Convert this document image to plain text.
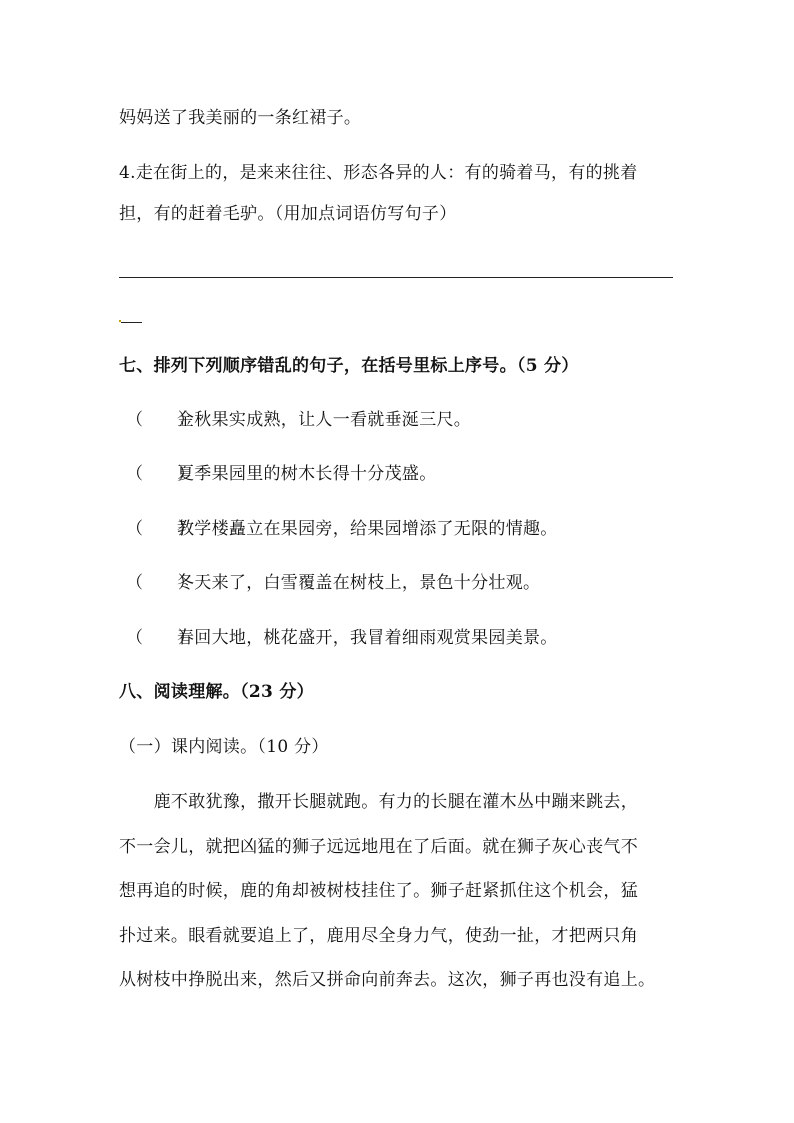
妈妈送了我美丽的一条红裙子。
4.走在街上的，是来来往往、形态各异的人：有的骑着马，有的挑着
担，有的赶着毛驴。（用加点词语仿写句子）
七、排列下列顺序错乱的句子，在括号里标上序号。（5 分）
（　　）
金秋果实成熟，让人一看就垂涎三尺。
（　　）
夏季果园里的树木长得十分茂盛。
（　　）
教学楼矗立在果园旁，给果园增添了无限的情趣。
（　　）
冬天来了，白雪覆盖在树枝上，景色十分壮观。
（　　）
春回大地，桃花盛开，我冒着细雨观赏果园美景。
八、阅读理解。（23 分）
（一）课内阅读。（10 分）
　　鹿不敢犹豫，撒开长腿就跑。有力的长腿在灌木丛中蹦来跳去，
不一会儿，就把凶猛的狮子远远地甩在了后面。就在狮子灰心丧气不
想再追的时候，鹿的角却被树枝挂住了。狮子赶紧抓住这个机会，猛
扑过来。眼看就要追上了，鹿用尽全身力气，使劲一扯，才把两只角
从树枝中挣脱出来，然后又拼命向前奔去。这次，狮子再也没有追上。
